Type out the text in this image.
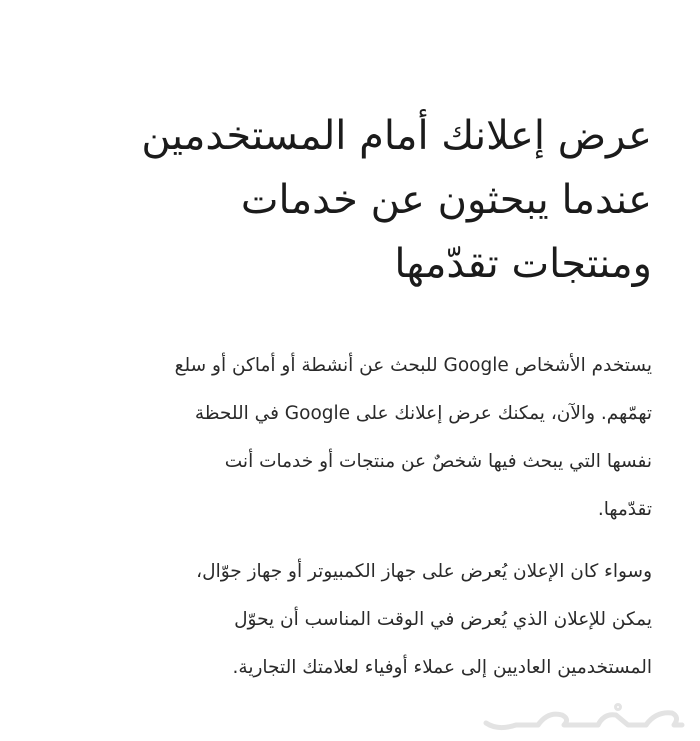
عرض إعلانك أمام المستخدمين
عندما يبحثون عن خدمات
ومنتجات تقدّمها

يستخدم الأشخاص Google للبحث عن أنشطة أو أماكن أو سلع
تهمّهم. والآن، يمكنك عرض إعلانك على Google في اللحظة
نفسها التي يبحث فيها شخصٌ عن منتجات أو خدمات أنت
تقدّمها.

وسواء كان الإعلان يُعرض على جهاز الكمبيوتر أو جهاز جوّال،
يمكن للإعلان الذي يُعرض في الوقت المناسب أن يحوّل
المستخدمين العاديين إلى عملاء أوفياء لعلامتك التجارية.
